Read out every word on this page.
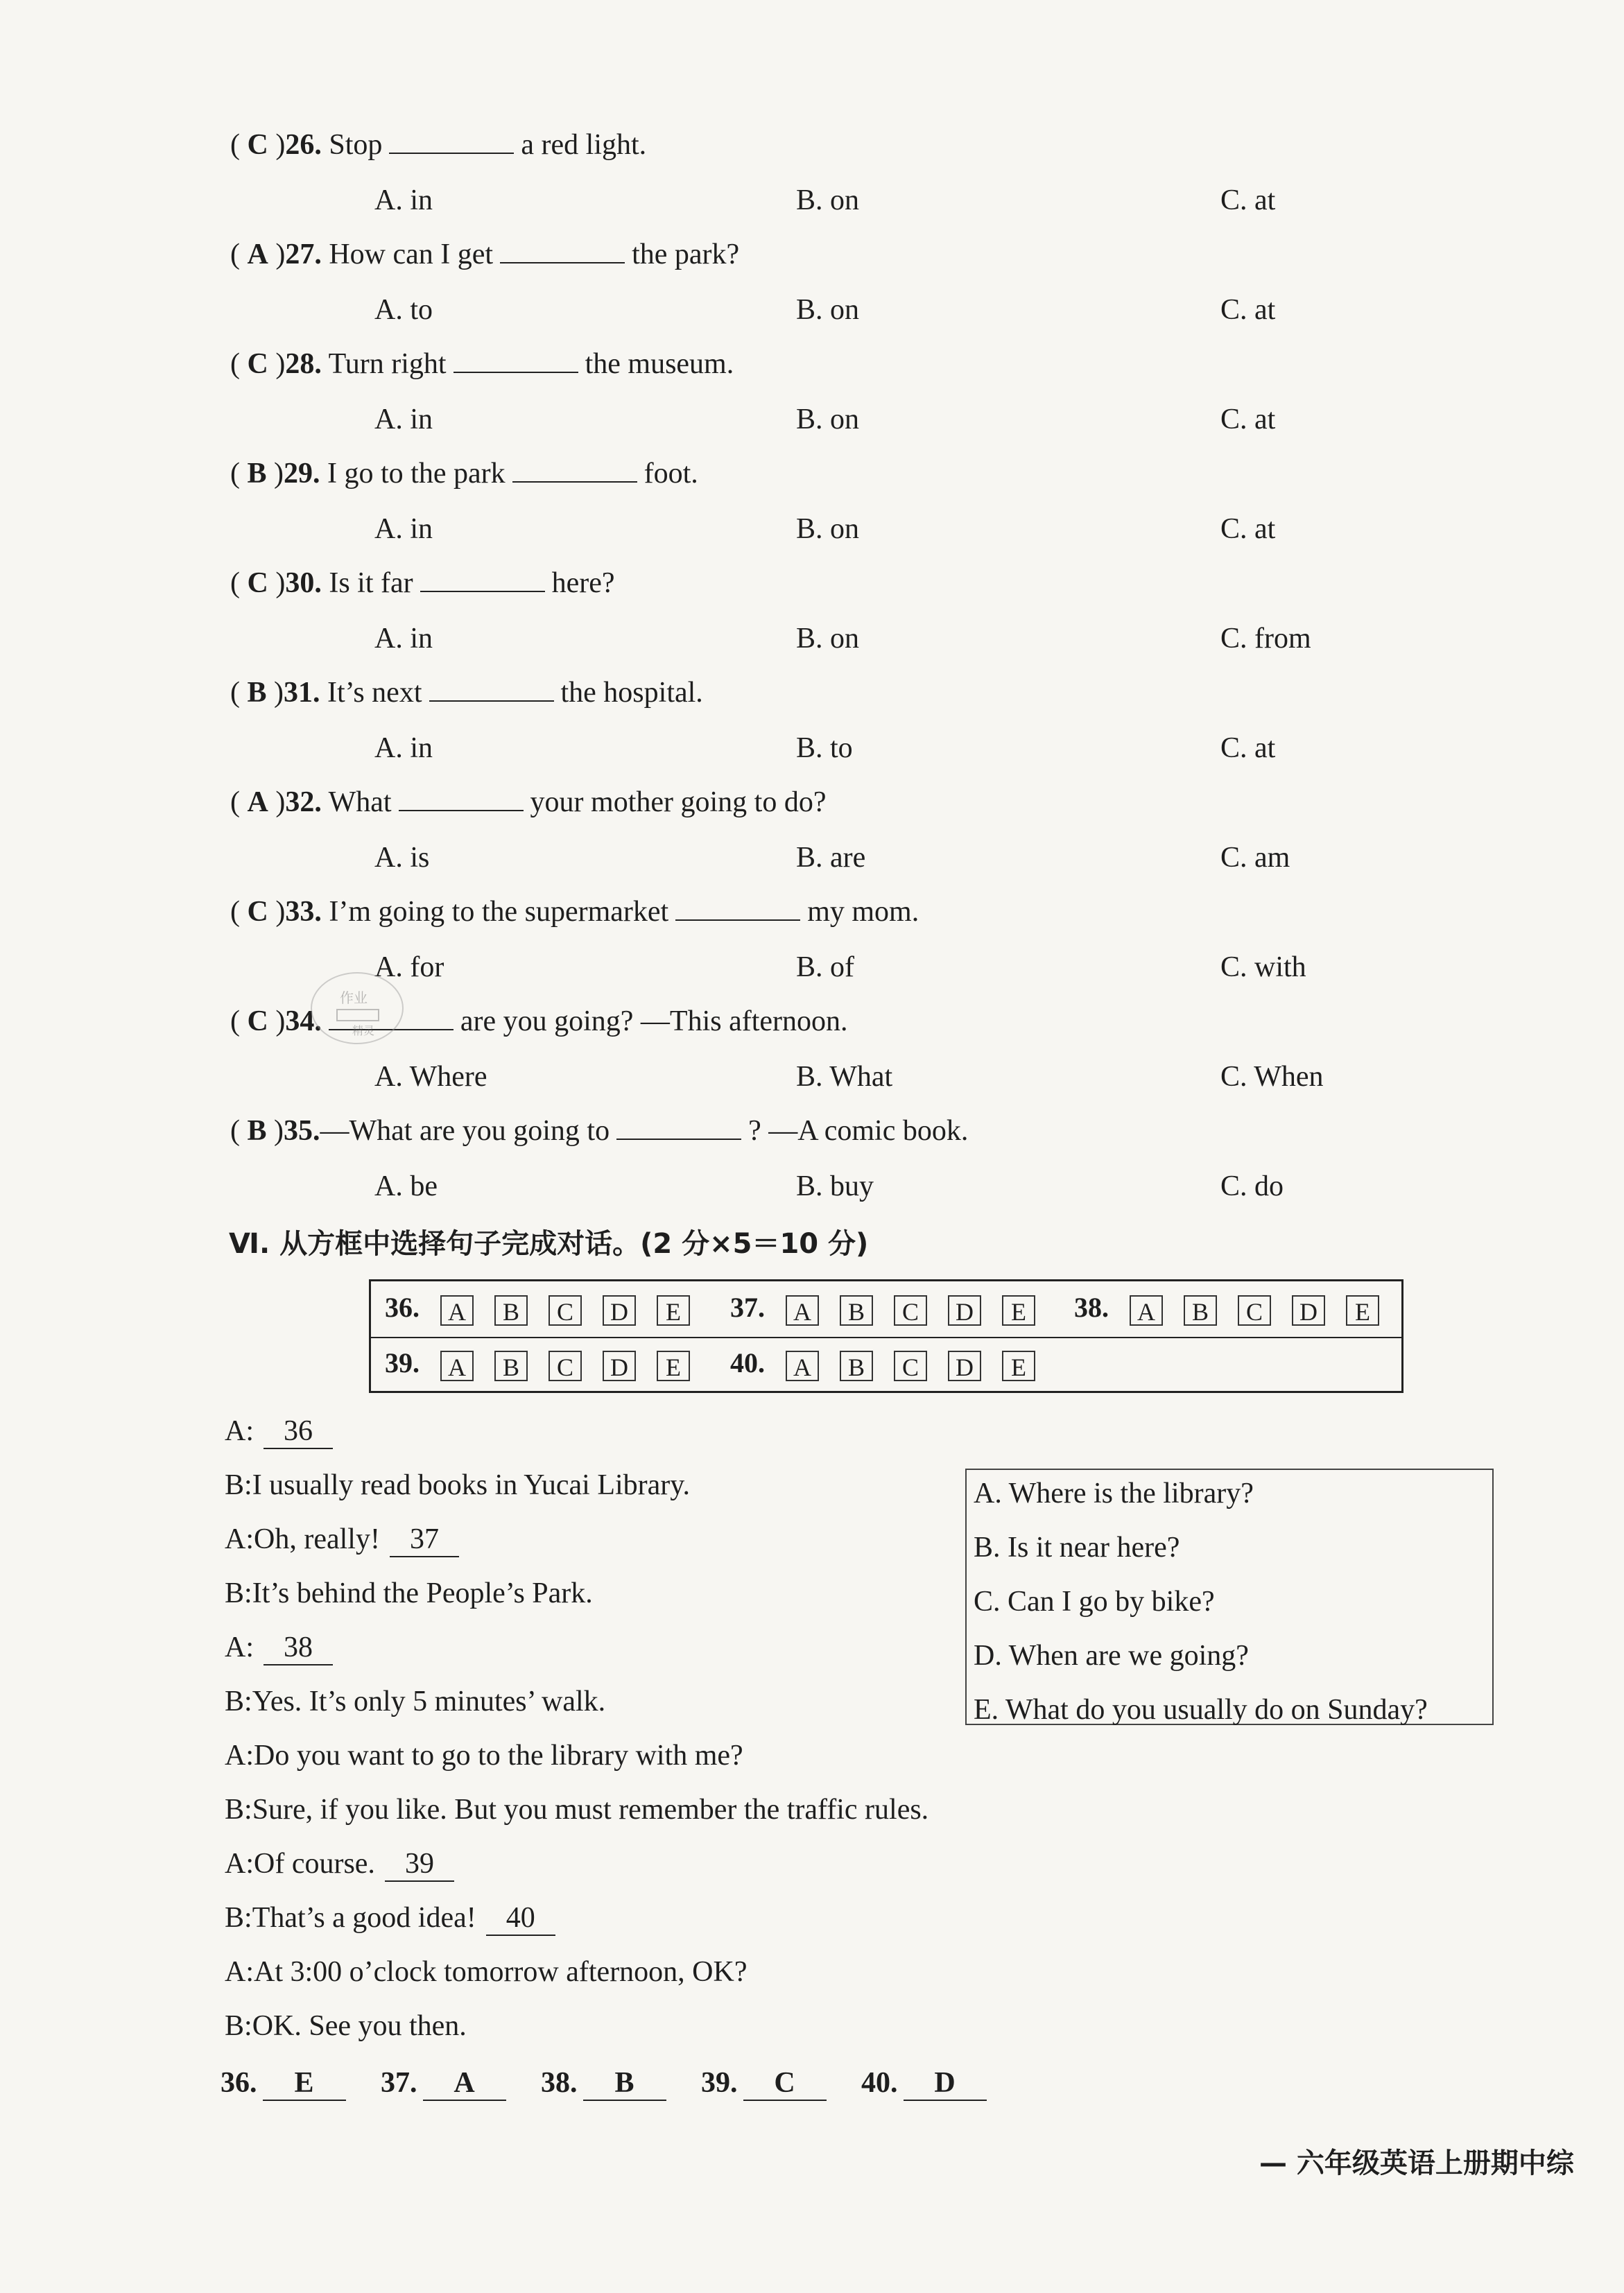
( C )26. Stop	a red light.
A. in	B. on	C. at
( A )27. How can I get	the park?
A. to	B. on	C. at
( C )28. Turn right	the museum.
A. in	B. on	C. at
( B )29. I go to the park	foot.
A. in	B. on	C. at
( C )30. Is it far	here?
A. in	B. on	C. from
( B )31. It’s next	the hospital.
A. in	B. to	C. at
( A )32. What	your mother going to do?
A. is	B. are	C. am
( C )33. I’m going to the supermarket	my mom.
A. for	B. of	C. with
( C )34.	are you going? —This afternoon.
A. Where	B. What	C. When
( B )35.—What are you going to	? —A comic book.
A. be	B. buy	C. do
作业
精灵
Ⅵ. 从方框中选择句子完成对话。(2 分×5＝10 分)
36. A B C D E	37. A B C D E	38. A B C D E
39. A B C D E	40. A B C D E
A: 36
B:I usually read books in Yucai Library.
A:Oh, really! 37
B:It’s behind the People’s Park.
A: 38
B:Yes. It’s only 5 minutes’ walk.
A:Do you want to go to the library with me?
B:Sure, if you like. But you must remember the traffic rules.
A:Of course. 39
B:That’s a good idea! 40
A:At 3:00 o’clock tomorrow afternoon, OK?
B:OK. See you then.
A. Where is the library?
B. Is it near here?
C. Can I go by bike?
D. When are we going?
E. What do you usually do on Sunday?
36. E 37. A 38. B 39. C 40. D
— 六年级英语上册期中综
